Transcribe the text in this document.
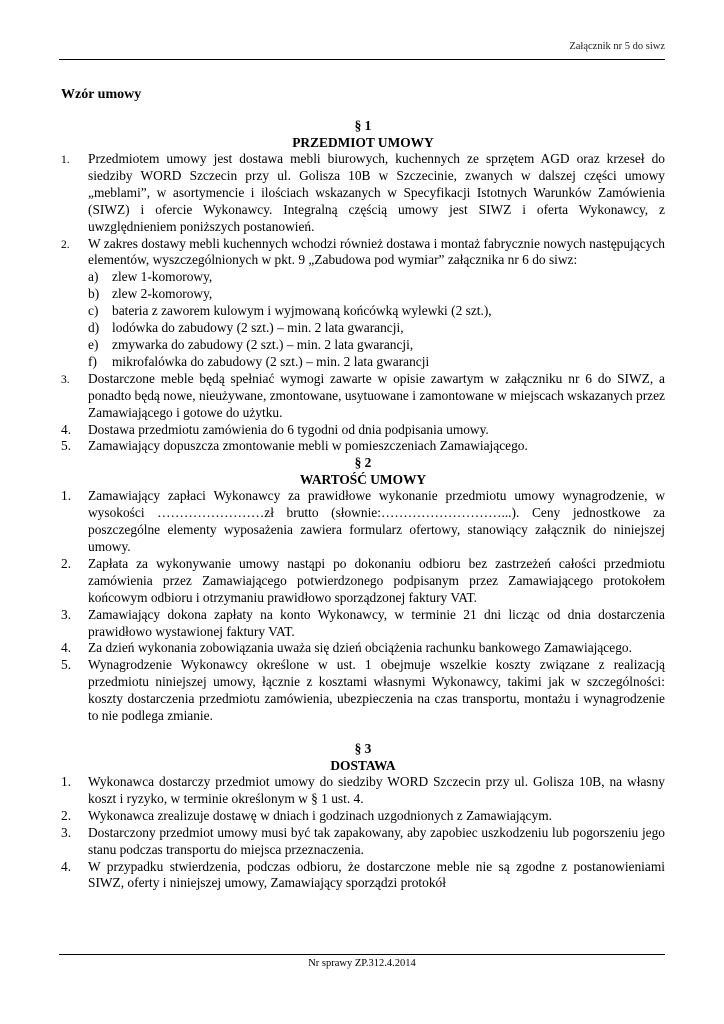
Załącznik nr 5 do siwz
Wzór umowy
§ 1
PRZEDMIOT UMOWY
1. Przedmiotem umowy jest dostawa mebli biurowych, kuchennych ze sprzętem AGD oraz krzeseł do siedziby WORD Szczecin przy ul. Golisza 10B w Szczecinie, zwanych w dalszej części umowy „meblami”, w asortymencie i ilościach wskazanych w Specyfikacji Istotnych Warunków Zamówienia (SIWZ) i ofercie Wykonawcy. Integralną częścią umowy jest SIWZ i oferta Wykonawcy, z uwzględnieniem poniższych postanowień.
2. W zakres dostawy mebli kuchennych wchodzi również dostawa i montaż fabrycznie nowych następujących elementów, wyszczególnionych w pkt. 9 „Zabudowa pod wymiar” załącznika nr 6 do siwz:
a) zlew 1-komorowy,
b) zlew 2-komorowy,
c) bateria z zaworem kulowym i wyjmowaną końcówką wylewki (2 szt.),
d) lodówka do zabudowy (2 szt.) – min. 2 lata gwarancji,
e) zmywarka do zabudowy (2 szt.) – min. 2 lata gwarancji,
f) mikrofalówka do zabudowy (2 szt.) – min. 2 lata gwarancji
3. Dostarczone meble będą spełniać wymogi zawarte w opisie zawartym w załączniku nr 6 do SIWZ, a ponadto będą nowe, nieużywane, zmontowane, usytuowane i zamontowane w miejscach wskazanych przez Zamawiającego i gotowe do użytku.
4. Dostawa przedmiotu zamówienia do 6 tygodni od dnia podpisania umowy.
5. Zamawiający dopuszcza zmontowanie mebli w pomieszczeniach Zamawiającego.
§ 2
WARTOŚĆ UMOWY
1. Zamawiający zapłaci Wykonawcy za prawidłowe wykonanie przedmiotu umowy wynagrodzenie, w wysokości ……………………zł brutto (słownie:………………………...). Ceny jednostkowe za poszczególne elementy wyposażenia zawiera formularz ofertowy, stanowiący załącznik do niniejszej umowy.
2. Zapłata za wykonywanie umowy nastąpi po dokonaniu odbioru bez zastrzeżeń całości przedmiotu zamówienia przez Zamawiającego potwierdzonego podpisanym przez Zamawiającego protokołem końcowym odbioru i otrzymaniu prawidłowo sporządzonej faktury VAT.
3. Zamawiający dokona zapłaty na konto Wykonawcy, w terminie 21 dni licząc od dnia dostarczenia prawidłowo wystawionej faktury VAT.
4. Za dzień wykonania zobowiązania uważa się dzień obciążenia rachunku bankowego Zamawiającego.
5. Wynagrodzenie Wykonawcy określone w ust. 1 obejmuje wszelkie koszty związane z realizacją przedmiotu niniejszej umowy, łącznie z kosztami własnymi Wykonawcy, takimi jak w szczególności: koszty dostarczenia przedmiotu zamówienia, ubezpieczenia na czas transportu, montażu i wynagrodzenie to nie podlega zmianie.
§ 3
DOSTAWA
1. Wykonawca dostarczy przedmiot umowy do siedziby WORD Szczecin przy ul. Golisza 10B, na własny koszt i ryzyko, w terminie określonym w § 1 ust. 4.
2. Wykonawca zrealizuje dostawę w dniach i godzinach uzgodnionych z Zamawiającym.
3. Dostarczony przedmiot umowy musi być tak zapakowany, aby zapobiec uszkodzeniu lub pogorszeniu jego stanu podczas transportu do miejsca przeznaczenia.
4. W przypadku stwierdzenia, podczas odbioru, że dostarczone meble nie są zgodne z postanowieniami SIWZ, oferty i niniejszej umowy, Zamawiający sporządzi protokół
Nr sprawy ZP.312.4.2014
